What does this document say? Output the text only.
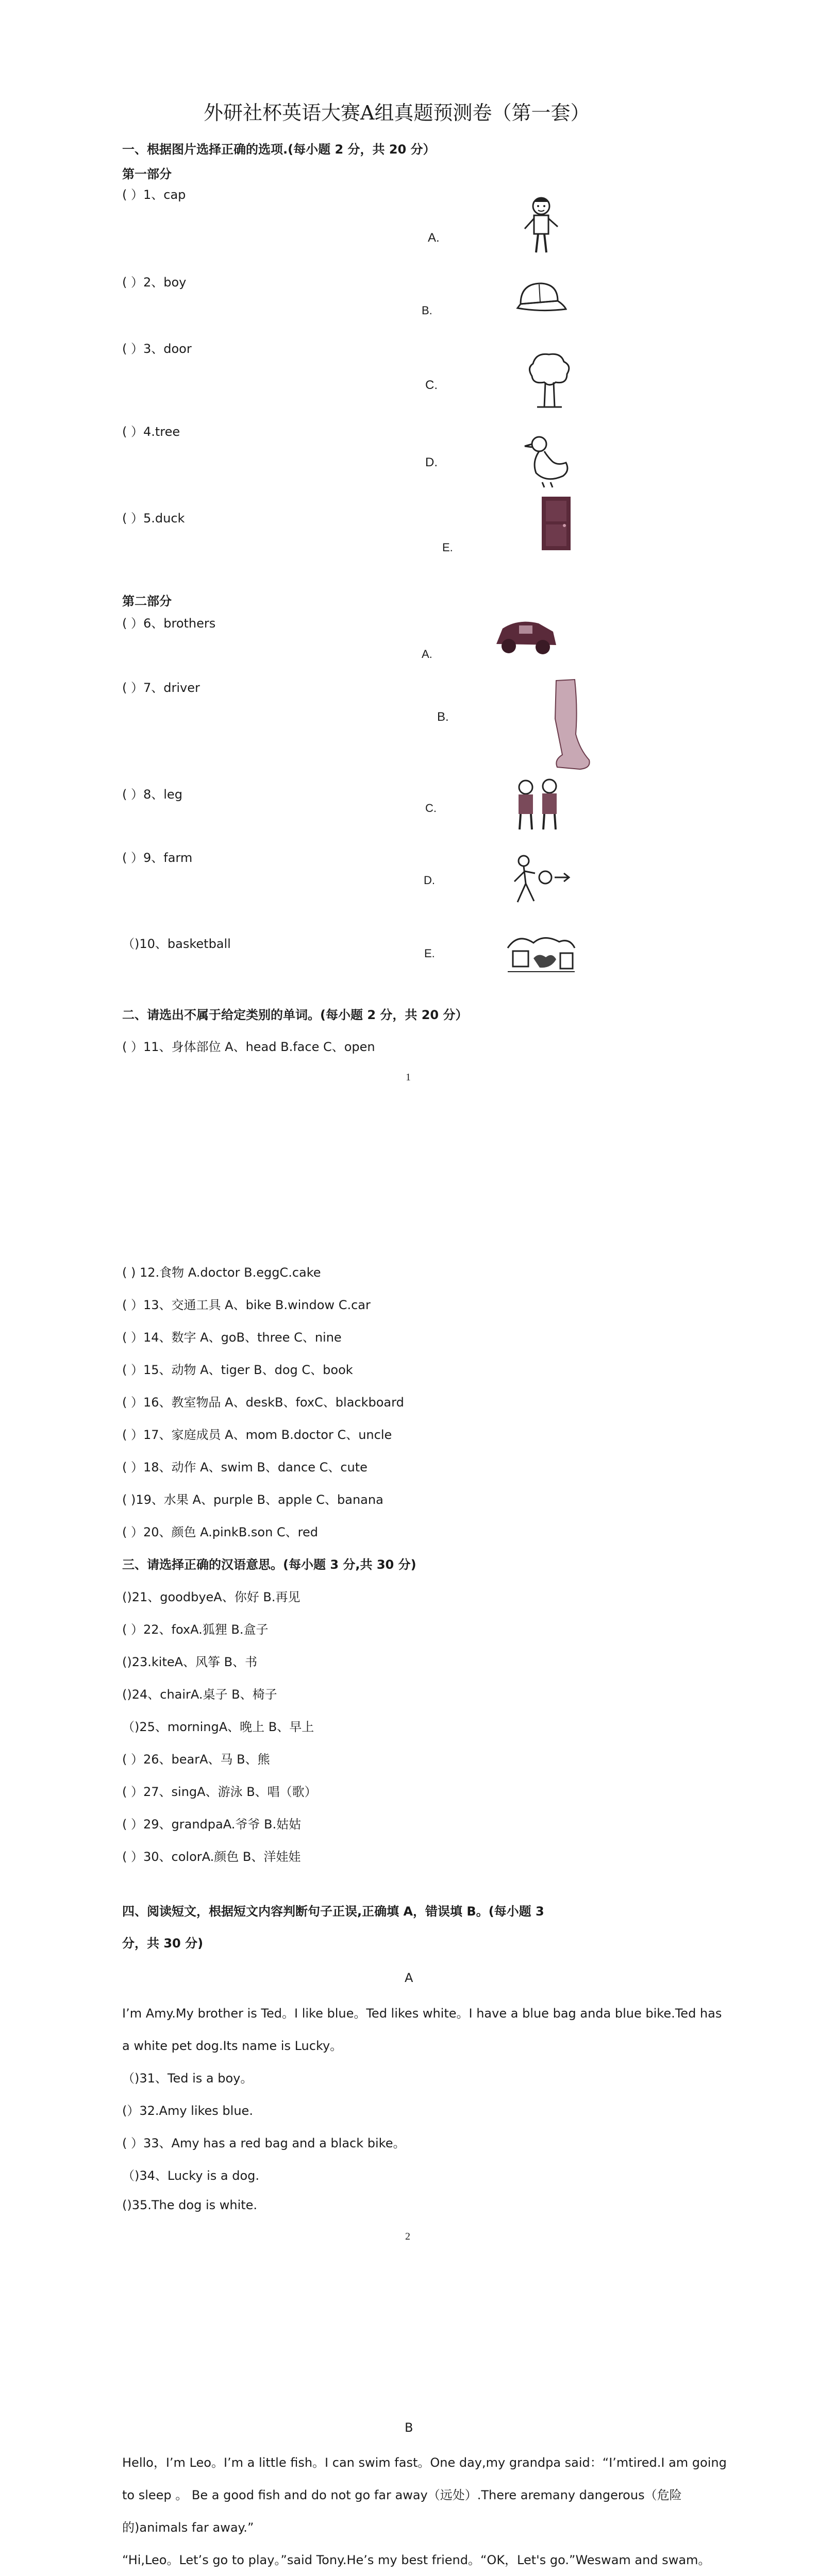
外研社杯英语大赛A组真题预测卷（第一套）
一、根据图片选择正确的选项.(每小题 2 分，共 20 分）
第一部分
( ）1、cap
( ）2、boy
( ）3、door
( ）4.tree
( ）5.duck
A.
B.
C.
D.
E.
第二部分
( ）6、brothers
( ）7、driver
( ）8、leg
( ）9、farm
（)10、basketball
A.
B.
C.
D.
E.
二、请选出不属于给定类别的单词。(每小题 2 分，共 20 分）
( ）11、身体部位 A、head B.face C、open
1
( ) 12.食物 A.doctor B.eggC.cake
( ）13、交通工具 A、bike B.window C.car
( ）14、数字 A、goB、three C、nine
( ）15、动物 A、tiger B、dog C、book
( ）16、教室物品 A、deskB、foxC、blackboard
( ）17、家庭成员 A、mom B.doctor C、uncle
( ）18、动作 A、swim B、dance C、cute
( )19、水果 A、purple B、apple C、banana
( ）20、颜色 A.pinkB.son C、red
三、请选择正确的汉语意思。(每小题 3 分,共 30 分)
()21、goodbyeA、你好 B.再见
( ）22、foxA.狐狸 B.盒子
()23.kiteA、风筝 B、书
()24、chairA.桌子 B、椅子
（)25、morningA、晚上 B、早上
( ）26、bearA、马 B、熊
( ）27、singA、游泳 B、唱（歌）
( ）29、grandpaA.爷爷 B.姑姑
( ）30、colorA.颜色 B、洋娃娃
四、阅读短文，根据短文内容判断句子正误,正确填 A，错误填 B。(每小题 3
分，共 30 分)
A
I’m Amy.My brother is Ted。I like blue。Ted likes white。I have a blue bag anda blue bike.Ted has
a white pet dog.Its name is Lucky。
（)31、Ted is a boy。
(）32.Amy likes blue.
( ）33、Amy has a red bag and a black bike。
（)34、Lucky is a dog.
()35.The dog is white.
2
B
Hello，I’m Leo。I’m a little fish。I can swim fast。One day,my grandpa said：“I’mtired.I am going
to sleep 。 Be a good fish and do not go far away（远处）.There aremany dangerous（危险
的)animals far away.”
“Hi,Leo。Let’s go to play。”said Tony.He’s my best friend。“OK，Let's go.”Weswam and swam。
